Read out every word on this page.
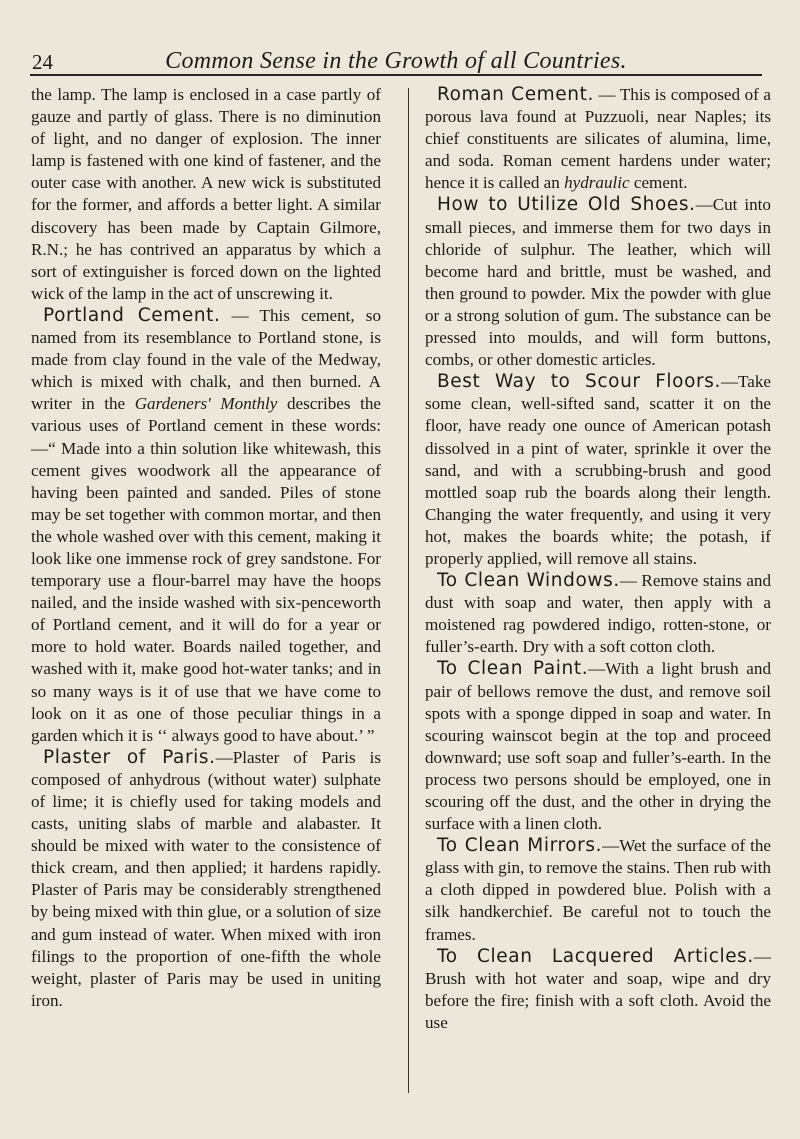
24	Common Sense in the Growth of all Countries.

the lamp. The lamp is enclosed in a case partly of gauze and partly of glass. There is no diminution of light, and no danger of explosion. The inner lamp is fastened with one kind of fastener, and the outer case with another. A new wick is substituted for the former, and affords a better light. A similar discovery has been made by Captain Gilmore, R.N.; he has contrived an apparatus by which a sort of extinguisher is forced down on the lighted wick of the lamp in the act of unscrewing it.

Portland Cement. — This cement, so named from its resemblance to Portland stone, is made from clay found in the vale of the Medway, which is mixed with chalk, and then burned. A writer in the Gardeners' Monthly describes the various uses of Portland cement in these words:—“ Made into a thin solution like whitewash, this cement gives woodwork all the appearance of having been painted and sanded. Piles of stone may be set together with common mortar, and then the whole washed over with this cement, making it look like one immense rock of grey sandstone. For temporary use a flour-barrel may have the hoops nailed, and the inside washed with six-penceworth of Portland cement, and it will do for a year or more to hold water. Boards nailed together, and washed with it, make good hot-water tanks; and in so many ways is it of use that we have come to look on it as one of those peculiar things in a garden which it is ‘‘ always good to have about.’ ”

Plaster of Paris.—Plaster of Paris is composed of anhydrous (without water) sulphate of lime; it is chiefly used for taking models and casts, uniting slabs of marble and alabaster. It should be mixed with water to the consistence of thick cream, and then applied; it hardens rapidly. Plaster of Paris may be considerably strengthened by being mixed with thin glue, or a solution of size and gum instead of water. When mixed with iron filings to the proportion of one-fifth the whole weight, plaster of Paris may be used in uniting iron.

Roman Cement. — This is composed of a porous lava found at Puzzuoli, near Naples; its chief constituents are silicates of alumina, lime, and soda. Roman cement hardens under water; hence it is called an hydraulic cement.

How to Utilize Old Shoes.—Cut into small pieces, and immerse them for two days in chloride of sulphur. The leather, which will become hard and brittle, must be washed, and then ground to powder. Mix the powder with glue or a strong solution of gum. The substance can be pressed into moulds, and will form buttons, combs, or other domestic articles.

Best Way to Scour Floors.—Take some clean, well-sifted sand, scatter it on the floor, have ready one ounce of American potash dissolved in a pint of water, sprinkle it over the sand, and with a scrubbing-brush and good mottled soap rub the boards along their length. Changing the water frequently, and using it very hot, makes the boards white; the potash, if properly applied, will remove all stains.

To Clean Windows.— Remove stains and dust with soap and water, then apply with a moistened rag powdered indigo, rotten-stone, or fuller’s-earth. Dry with a soft cotton cloth.

To Clean Paint.—With a light brush and pair of bellows remove the dust, and remove soil spots with a sponge dipped in soap and water. In scouring wainscot begin at the top and proceed downward; use soft soap and fuller’s-earth. In the process two persons should be employed, one in scouring off the dust, and the other in drying the surface with a linen cloth.

To Clean Mirrors.—Wet the surface of the glass with gin, to remove the stains. Then rub with a cloth dipped in powdered blue. Polish with a silk handkerchief. Be careful not to touch the frames.

To Clean Lacquered Articles.—Brush with hot water and soap, wipe and dry before the fire; finish with a soft cloth. Avoid the use
